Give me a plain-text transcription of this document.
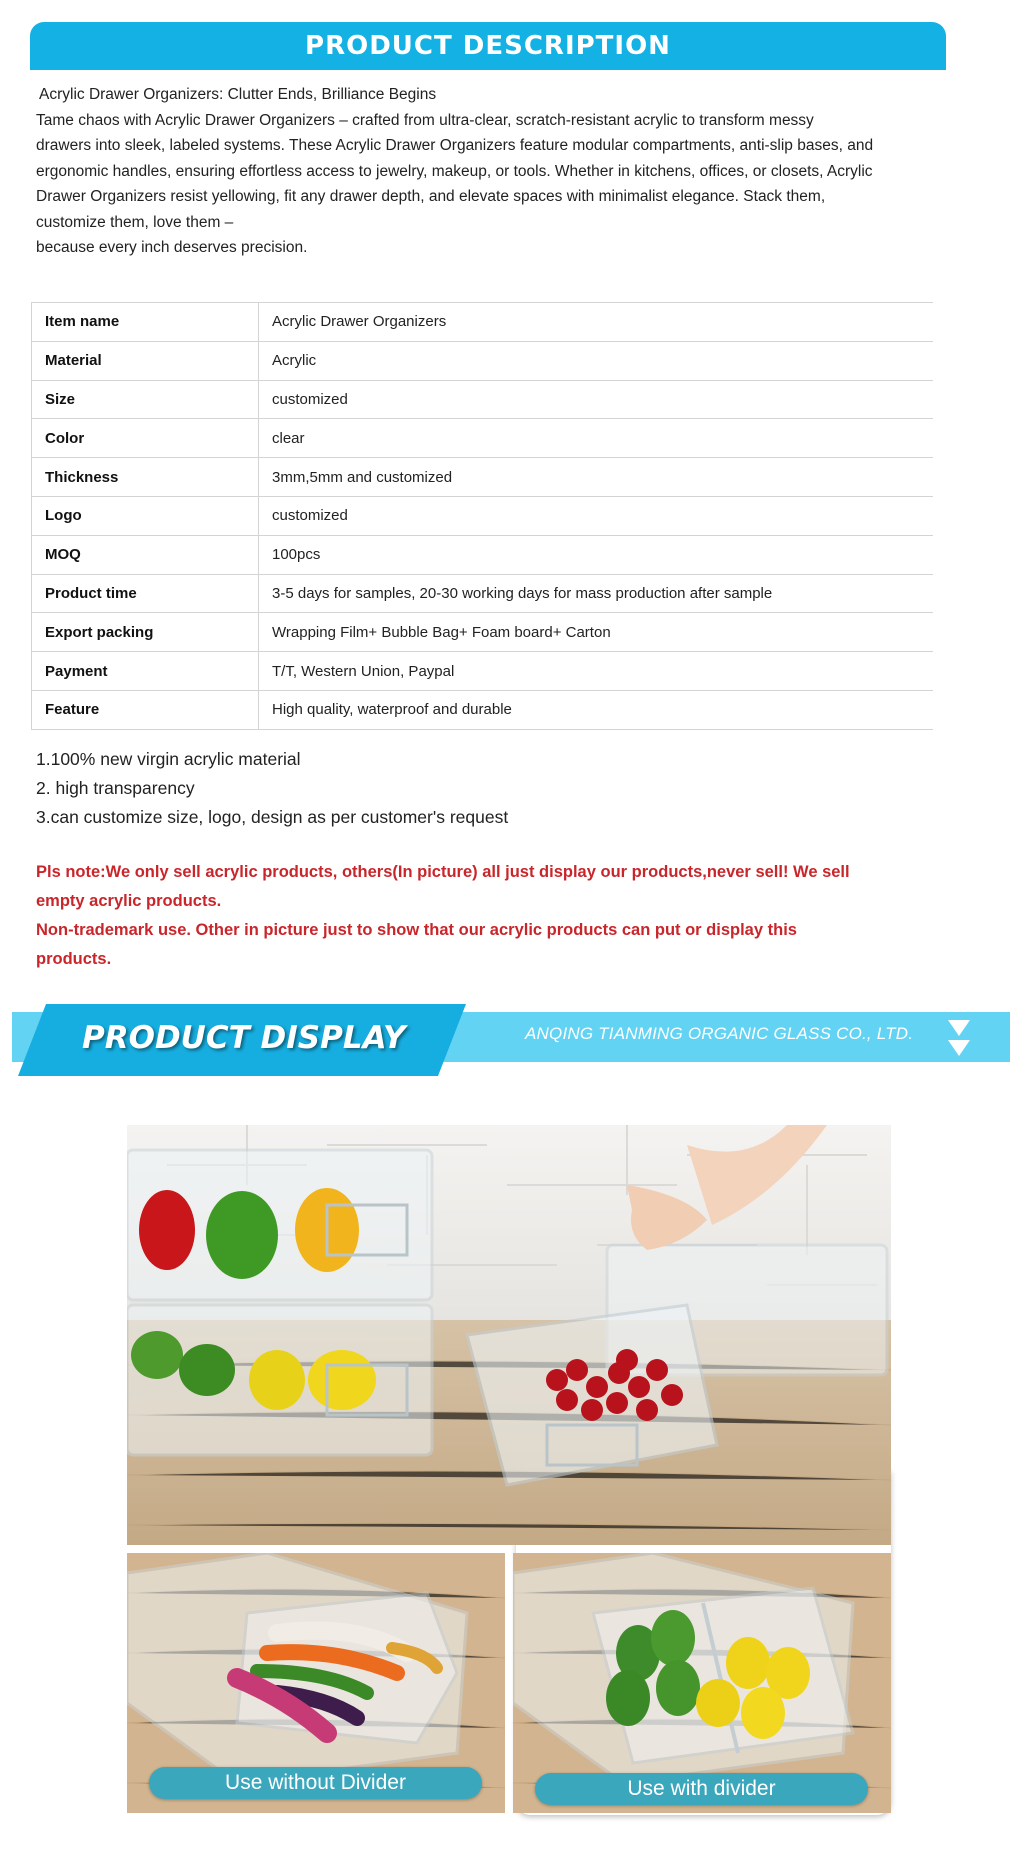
PRODUCT DESCRIPTION
Acrylic Drawer Organizers: Clutter Ends, Brilliance Begins
Tame chaos with Acrylic Drawer Organizers – crafted from ultra-clear, scratch-resistant acrylic to transform messy
drawers into sleek, labeled systems. These Acrylic Drawer Organizers feature modular compartments, anti-slip bases, and
ergonomic handles, ensuring effortless access to jewelry, makeup, or tools. Whether in kitchens, offices, or closets, Acrylic
Drawer Organizers resist yellowing, fit any drawer depth, and elevate spaces with minimalist elegance. Stack them,
customize them, love them –
because every inch deserves precision.
Item name	Acrylic Drawer Organizers
Material	Acrylic
Size	customized
Color	clear
Thickness	3mm,5mm and customized
Logo	customized
MOQ	100pcs
Product time	3-5 days for samples, 20-30 working days for mass production after sample
Export packing	Wrapping Film+ Bubble Bag+ Foam board+ Carton
Payment	T/T, Western Union, Paypal
Feature	High quality, waterproof and durable
1.100% new virgin acrylic material
2. high transparency
3.can customize size, logo, design as per customer's request
Pls note:We only sell acrylic products, others(In picture) all just display our products,never sell! We sell
empty acrylic products.
Non-trademark use. Other in picture just to show that our acrylic products can put or display this
products.
PRODUCT DISPLAY	ANQING TIANMING ORGANIC GLASS CO., LTD.
Use without Divider	Use with divider
